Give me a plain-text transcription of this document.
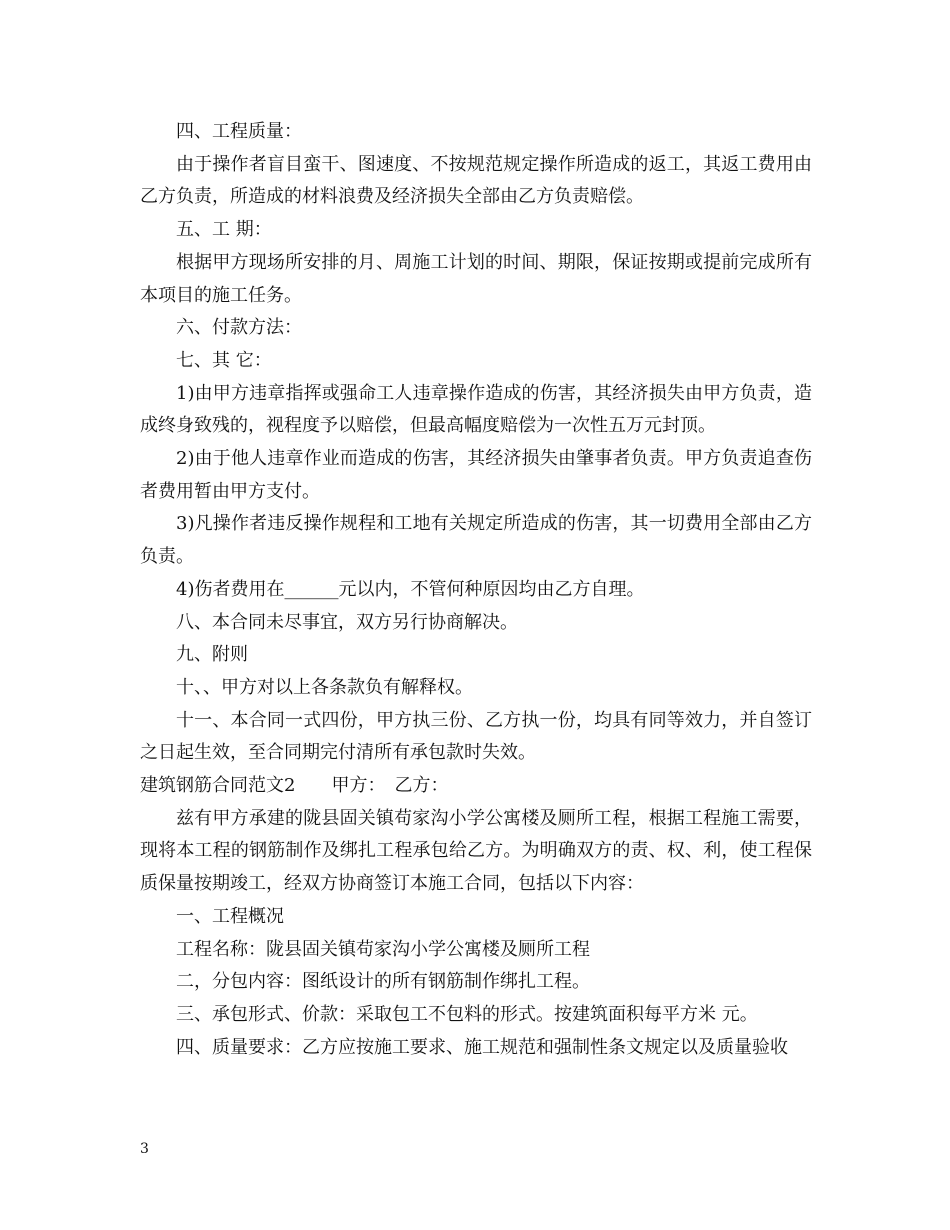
四、工程质量：

由于操作者盲目蛮干、图速度、不按规范规定操作所造成的返工，其返工费用由乙方负责，所造成的材料浪费及经济损失全部由乙方负责赔偿。

五、工 期：

根据甲方现场所安排的月、周施工计划的时间、期限，保证按期或提前完成所有本项目的施工任务。

六、付款方法：

七、其 它：

1)由甲方违章指挥或强命工人违章操作造成的伤害，其经济损失由甲方负责，造成终身致残的，视程度予以赔偿，但最高幅度赔偿为一次性五万元封顶。

2)由于他人违章作业而造成的伤害，其经济损失由肇事者负责。甲方负责追查伤者费用暂由甲方支付。

3)凡操作者违反操作规程和工地有关规定所造成的伤害，其一切费用全部由乙方负责。

4)伤者费用在______元以内，不管何种原因均由乙方自理。

八、本合同未尽事宜，双方另行协商解决。

九、附则

十、、甲方对以上各条款负有解释权。

十一、本合同一式四份，甲方执三份、乙方执一份，均具有同等效力，并自签订之日起生效，至合同期完付清所有承包款时失效。

建筑钢筋合同范文2　　甲方：　乙方：

兹有甲方承建的陇县固关镇苟家沟小学公寓楼及厕所工程，根据工程施工需要，现将本工程的钢筋制作及绑扎工程承包给乙方。为明确双方的责、权、利，使工程保质保量按期竣工，经双方协商签订本施工合同，包括以下内容：

一、工程概况

工程名称：陇县固关镇苟家沟小学公寓楼及厕所工程

二，分包内容：图纸设计的所有钢筋制作绑扎工程。

三、承包形式、价款：采取包工不包料的形式。按建筑面积每平方米 元。

四、质量要求：乙方应按施工要求、施工规范和强制性条文规定以及质量验收

3
